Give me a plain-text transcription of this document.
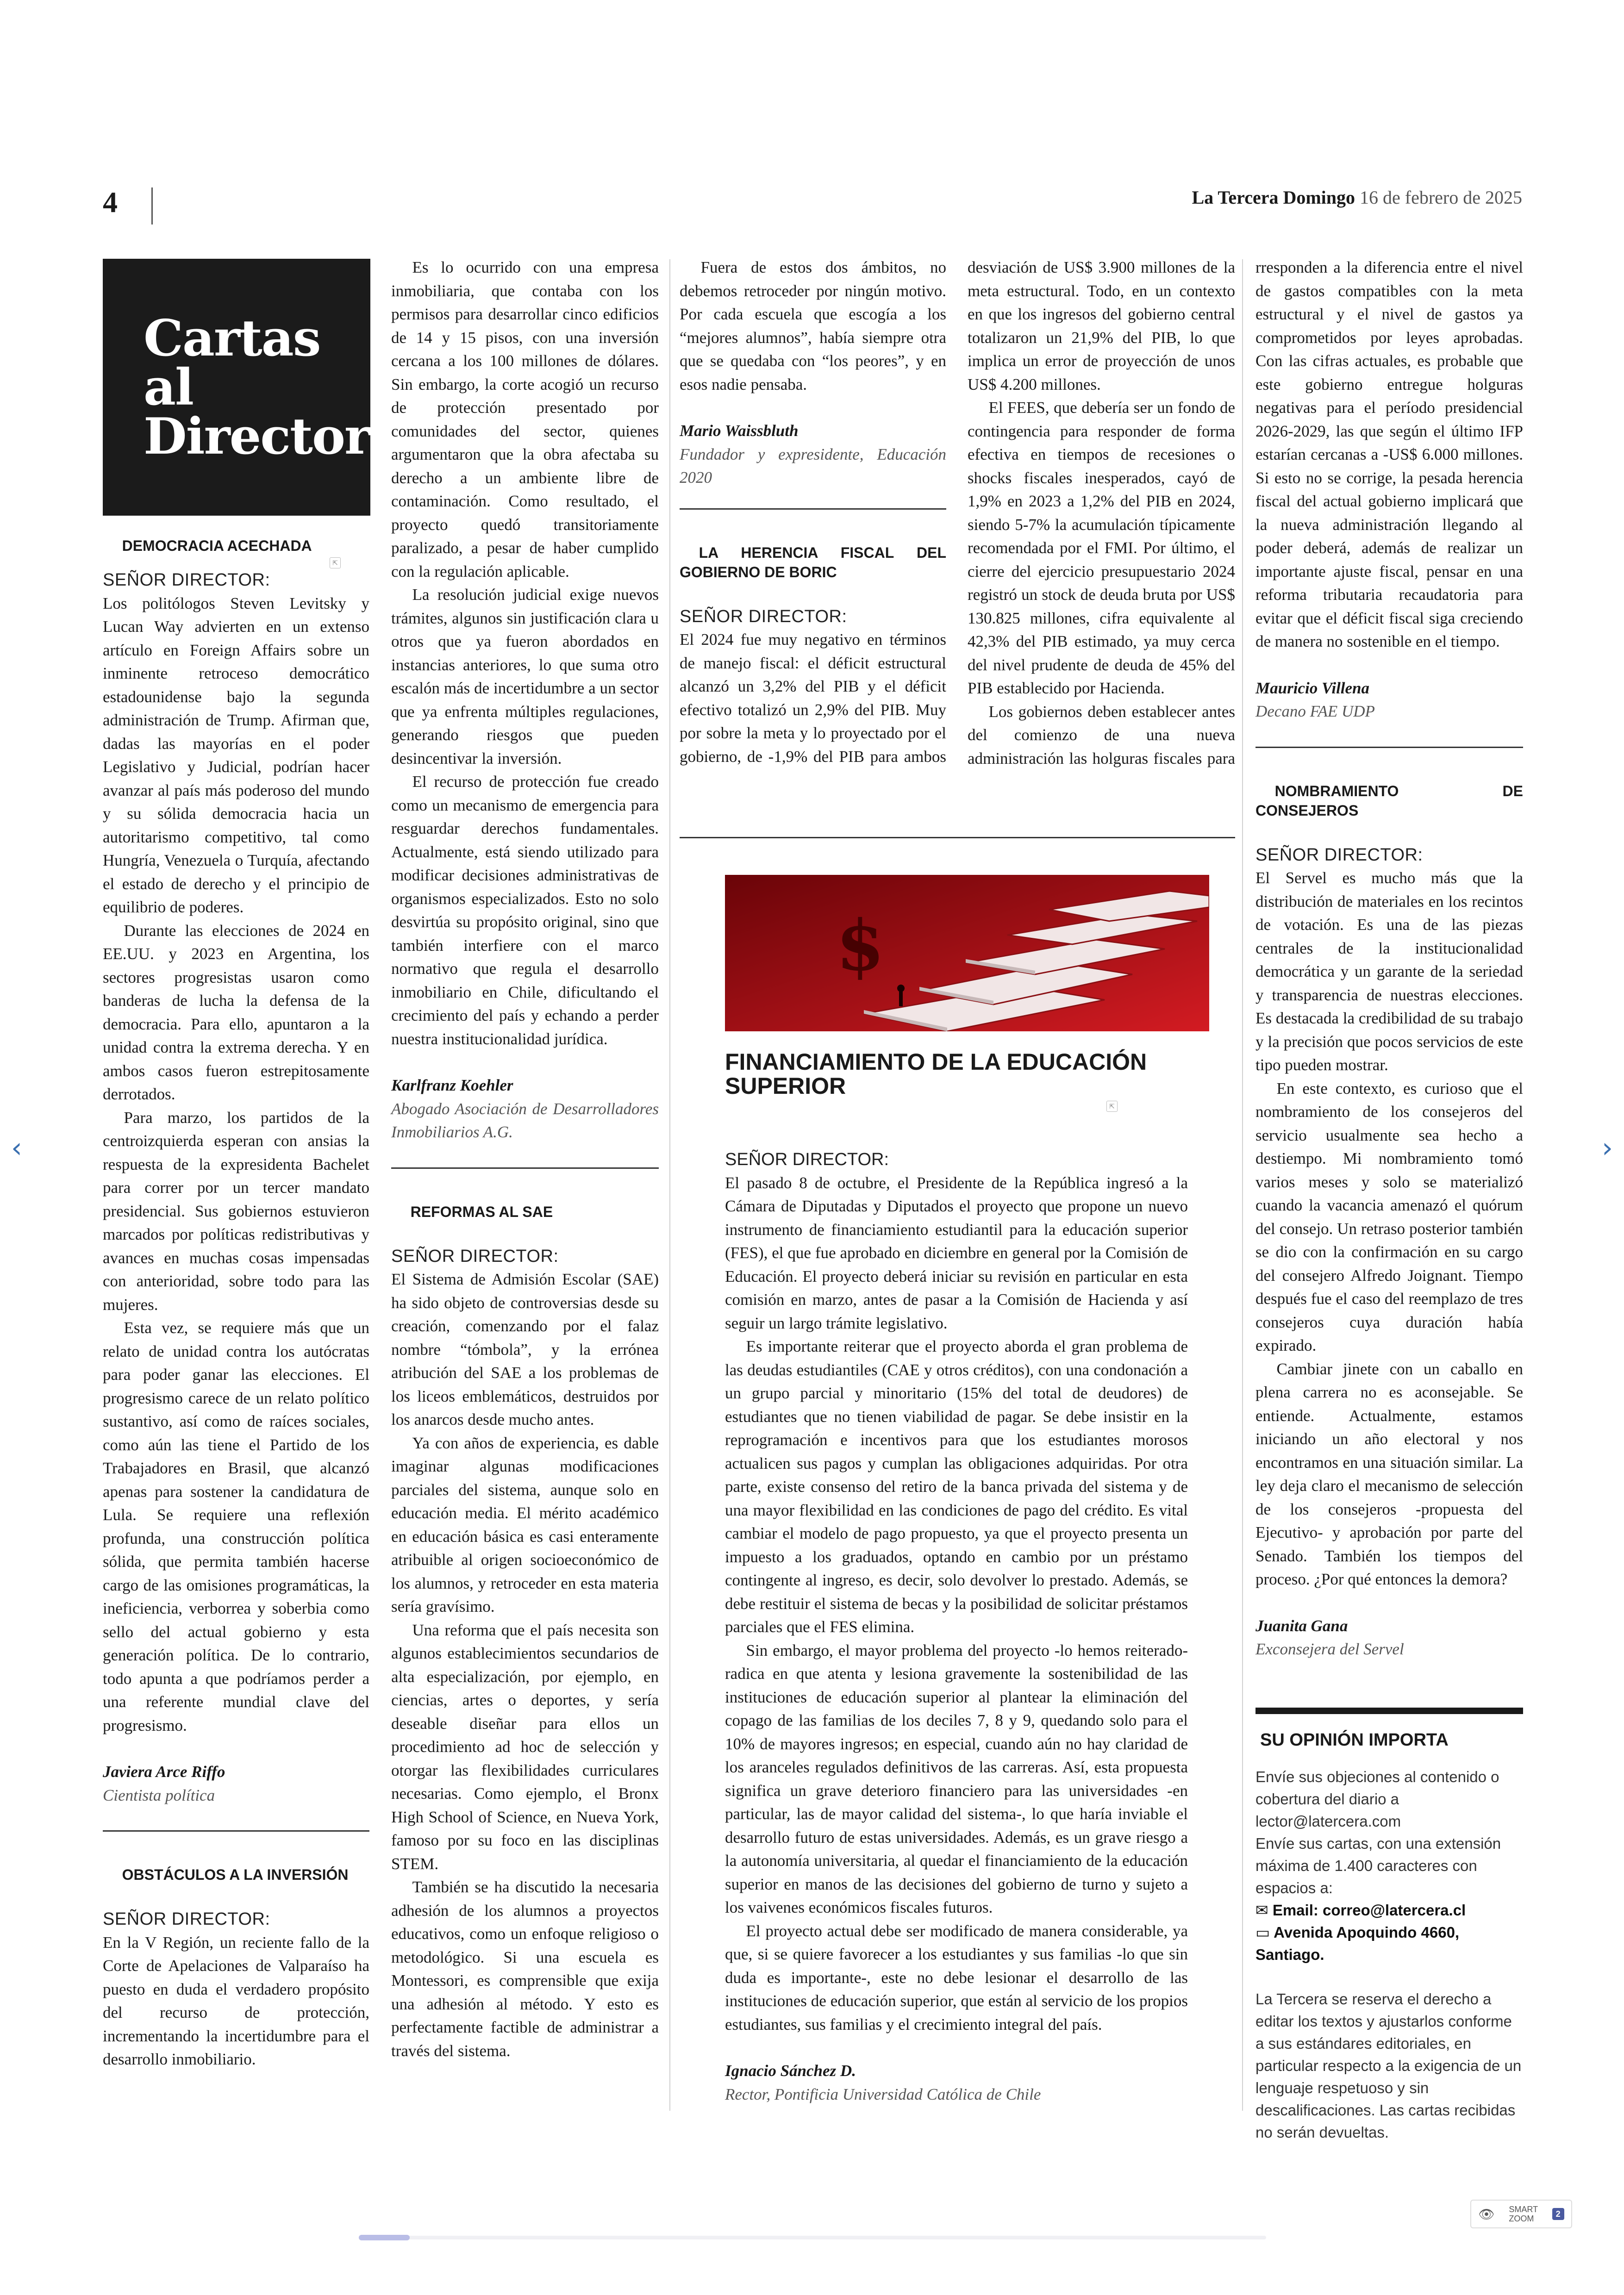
4	La Tercera Domingo 16 de febrero de 2025
Cartas al
Director

DEMOCRACIA ACECHADA

⇱

SEÑOR DIRECTOR:

Los politólogos Steven Levitsky y Lucan Way advierten en un extenso artículo en Foreign Affairs sobre un inminente retroceso democrático estadounidense bajo la segunda administración de Trump. Afirman que, dadas las mayorías en el poder Legislativo y Judicial, podrían hacer avanzar al país más poderoso del mundo y su sólida democracia hacia un autoritarismo competitivo, tal como Hungría, Venezuela o Turquía, afectando el estado de derecho y el principio de equilibrio de poderes.

Durante las elecciones de 2024 en EE.UU. y 2023 en Argentina, los sectores progresistas usaron como banderas de lucha la defensa de la democracia. Para ello, apuntaron a la unidad contra la extrema derecha. Y en ambos casos fueron estrepitosamente derrotados.

Para marzo, los partidos de la centroizquierda esperan con ansias la respuesta de la expresidenta Bachelet para correr por un tercer mandato presidencial. Sus gobiernos estuvieron marcados por políticas redistributivas y avances en muchas cosas impensadas con anterioridad, sobre todo para las mujeres.

Esta vez, se requiere más que un relato de unidad contra los autócratas para poder ganar las elecciones. El progresismo carece de un relato político sustantivo, así como de raíces sociales, como aún las tiene el Partido de los Trabajadores en Brasil, que alcanzó apenas para sostener la candidatura de Lula. Se requiere una reflexión profunda, una construcción política sólida, que permita también hacerse cargo de las omisiones programáticas, la ineficiencia, verborrea y soberbia como sello del actual gobierno y esta generación política. De lo contrario, todo apunta a que podríamos perder a una referente mundial clave del progresismo.

Javiera Arce Riffo

Cientista política

OBSTÁCULOS A LA INVERSIÓN

SEÑOR DIRECTOR:

En la V Región, un reciente fallo de la Corte de Apelaciones de Valparaíso ha puesto en duda el verdadero propósito del recurso de protección, incrementando la incertidumbre para el desarrollo inmobiliario.

Es lo ocurrido con una empresa inmobiliaria, que contaba con los permisos para desarrollar cinco edificios de 14 y 15 pisos, con una inversión cercana a los 100 millones de dólares. Sin embargo, la corte acogió un recurso de protección presentado por comunidades del sector, quienes argumentaron que la obra afectaba su derecho a un ambiente libre de contaminación. Como resultado, el proyecto quedó transitoriamente paralizado, a pesar de haber cumplido con la regulación aplicable.

La resolución judicial exige nuevos trámites, algunos sin justificación clara u otros que ya fueron abordados en instancias anteriores, lo que suma otro escalón más de incertidumbre a un sector que ya enfrenta múltiples regulaciones, generando riesgos que pueden desincentivar la inversión.

El recurso de protección fue creado como un mecanismo de emergencia para resguardar derechos fundamentales. Actualmente, está siendo utilizado para modificar decisiones administrativas de organismos especializados. Esto no solo desvirtúa su propósito original, sino que también interfiere con el marco normativo que regula el desarrollo inmobiliario en Chile, dificultando el crecimiento del país y echando a perder nuestra institucionalidad jurídica.

Karlfranz Koehler

Abogado Asociación de Desarrolladores Inmobiliarios A.G.

REFORMAS AL SAE

SEÑOR DIRECTOR:

El Sistema de Admisión Escolar (SAE) ha sido objeto de controversias desde su creación, comenzando por el falaz nombre “tómbola”, y la errónea atribución del SAE a los problemas de los liceos emblemáticos, destruidos por los anarcos desde mucho antes.

Ya con años de experiencia, es dable imaginar algunas modificaciones parciales del sistema, aunque solo en educación media. El mérito académico en educación básica es casi enteramente atribuible al origen socioeconómico de los alumnos, y retroceder en esta materia sería gravísimo.

Una reforma que el país necesita son algunos establecimientos secundarios de alta especialización, por ejemplo, en ciencias, artes o deportes, y sería deseable diseñar para ellos un procedimiento ad hoc de selección y otorgar las flexibilidades curriculares necesarias. Como ejemplo, el Bronx High School of Science, en Nueva York, famoso por su foco en las disciplinas STEM.

También se ha discutido la necesaria adhesión de los alumnos a proyectos educativos, como un enfoque religioso o metodológico. Si una escuela es Montessori, es comprensible que exija una adhesión al método. Y esto es perfectamente factible de administrar a través del sistema.

Fuera de estos dos ámbitos, no debemos retroceder por ningún motivo. Por cada escuela que escogía a los “mejores alumnos”, había siempre otra que se quedaba con “los peores”, y en esos nadie pensaba.

Mario Waissbluth

Fundador y expresidente, Educación 2020

LA HERENCIA FISCAL DEL GOBIERNO DE BORIC

SEÑOR DIRECTOR:

El 2024 fue muy negativo en términos de manejo fiscal: el déficit estructural alcanzó un 3,2% del PIB y el déficit efectivo totalizó un 2,9% del PIB. Muy por sobre la meta y lo proyectado por el gobierno, de -1,9% del PIB para ambos

desviación de US$ 3.900 millones de la meta estructural. Todo, en un contexto en que los ingresos del gobierno central totalizaron un 21,9% del PIB, lo que implica un error de proyección de unos US$ 4.200 millones.

El FEES, que debería ser un fondo de contingencia para responder de forma efectiva en tiempos de recesiones o shocks fiscales inesperados, cayó de 1,9% en 2023 a 1,2% del PIB en 2024, siendo 5-7% la acumulación típicamente recomendada por el FMI. Por último, el cierre del ejercicio presupuestario 2024 registró un stock de deuda bruta por US$ 130.825 millones, cifra equivalente al 42,3% del PIB estimado, ya muy cerca del nivel prudente de deuda de 45% del PIB establecido por Hacienda.

Los gobiernos deben establecer antes del comienzo de una nueva administración las holguras fiscales para

rresponden a la diferencia entre el nivel de gastos compatibles con la meta estructural y el nivel de gastos ya comprometidos por leyes aprobadas. Con las cifras actuales, es probable que este gobierno entregue holguras negativas para el período presidencial 2026-2029, las que según el último IFP estarían cercanas a -US$ 6.000 millones. Si esto no se corrige, la pesada herencia fiscal del actual gobierno implicará que la nueva administración llegando al poder deberá, además de realizar un importante ajuste fiscal, pensar en una reforma tributaria recaudatoria para evitar que el déficit fiscal siga creciendo de manera no sostenible en el tiempo.

Mauricio Villena

Decano FAE UDP

NOMBRAMIENTO DE CONSEJEROS

SEÑOR DIRECTOR:

El Servel es mucho más que la distribución de materiales en los recintos de votación. Es una de las piezas centrales de la institucionalidad democrática y un garante de la seriedad y transparencia de nuestras elecciones. Es destacada la credibilidad de su trabajo y la precisión que pocos servicios de este tipo pueden mostrar.

En este contexto, es curioso que el nombramiento de los consejeros del servicio usualmente sea hecho a destiempo. Mi nombramiento tomó varios meses y solo se materializó cuando la vacancia amenazó el quórum del consejo. Un retraso posterior también se dio con la confirmación en su cargo del consejero Alfredo Joignant. Tiempo después fue el caso del reemplazo de tres consejeros cuya duración había expirado.

Cambiar jinete con un caballo en plena carrera no es aconsejable. Se entiende. Actualmente, estamos iniciando un año electoral y nos encontramos en una situación similar. La ley deja claro el mecanismo de selección de los consejeros -propuesta del Ejecutivo- y aprobación por parte del Senado. También los tiempos del proceso. ¿Por qué entonces la demora?

Juanita Gana

Exconsejera del Servel

$
FINANCIAMIENTO DE LA EDUCACIÓN SUPERIOR
⇱

SEÑOR DIRECTOR:

El pasado 8 de octubre, el Presidente de la República ingresó a la Cámara de Diputadas y Diputados el proyecto que propone un nuevo instrumento de financiamiento estudiantil para la educación superior (FES), el que fue aprobado en diciembre en general por la Comisión de Educación. El proyecto deberá iniciar su revisión en particular en esta comisión en marzo, antes de pasar a la Comisión de Hacienda y así seguir un largo trámite legislativo.

Es importante reiterar que el proyecto aborda el gran problema de las deudas estudiantiles (CAE y otros créditos), con una condonación a un grupo parcial y minoritario (15% del total de deudores) de estudiantes que no tienen viabilidad de pagar. Se debe insistir en la reprogramación e incentivos para que los estudiantes morosos actualicen sus pagos y cumplan las obligaciones adquiridas. Por otra parte, existe consenso del retiro de la banca privada del sistema y de una mayor flexibilidad en las condiciones de pago del crédito. Es vital cambiar el modelo de pago propuesto, ya que el proyecto presenta un impuesto a los graduados, optando en cambio por un préstamo contingente al ingreso, es decir, solo devolver lo prestado. Además, se debe restituir el sistema de becas y la posibilidad de solicitar préstamos parciales que el FES elimina.

Sin embargo, el mayor problema del proyecto -lo hemos reiterado- radica en que atenta y lesiona gravemente la sostenibilidad de las instituciones de educación superior al plantear la eliminación del copago de las familias de los deciles 7, 8 y 9, quedando solo para el 10% de mayores ingresos; en especial, cuando aún no hay claridad de los aranceles regulados definitivos de las carreras. Así, esta propuesta significa un grave deterioro financiero para las universidades -en particular, las de mayor calidad del sistema-, lo que haría inviable el desarrollo futuro de estas universidades. Además, es un grave riesgo a la autonomía universitaria, al quedar el financiamiento de la educación superior en manos de las decisiones del gobierno de turno y sujeto a los vaivenes económicos fiscales futuros.

El proyecto actual debe ser modificado de manera considerable, ya que, si se quiere favorecer a los estudiantes y sus familias -lo que sin duda es importante-, este no debe lesionar el desarrollo de las instituciones de educación superior, que están al servicio de los propios estudiantes, sus familias y el crecimiento integral del país.

Ignacio Sánchez D.

Rector, Pontificia Universidad Católica de Chile

SU OPINIÓN IMPORTA

Envíe sus objeciones al contenido o cobertura del diario a

lector@latercera.com

Envíe sus cartas, con una extensión máxima de 1.400 caracteres con espacios a:

✉ Email: correo@latercera.cl

▭ Avenida Apoquindo 4660, Santiago.

La Tercera se reserva el derecho a editar los textos y ajustarlos conforme a sus estándares editoriales, en particular respecto a la exigencia de un lenguaje respetuoso y sin descalificaciones. Las cartas recibidas no serán devueltas.

‹	›
👁 SMART
ZOOM	2
